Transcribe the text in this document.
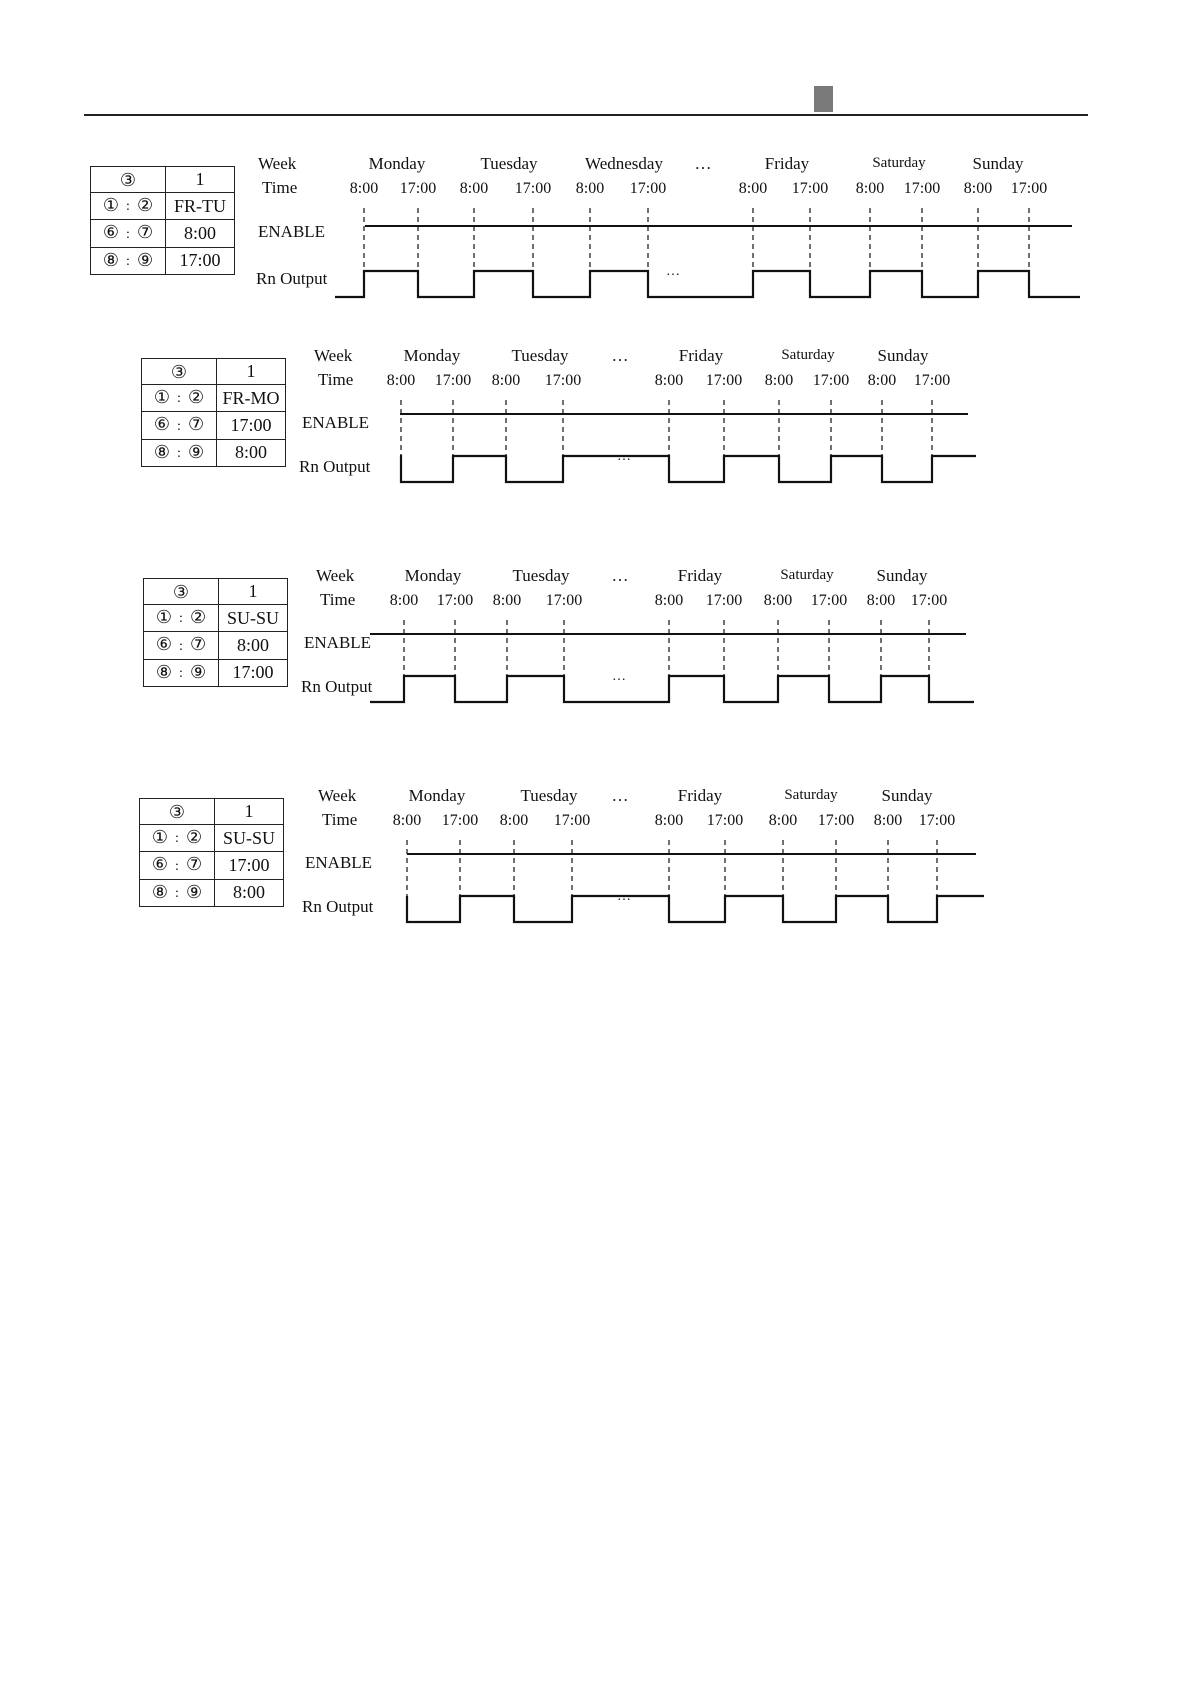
③	1
① : ②	FR-TU
⑥ : ⑦	8:00
⑧ : ⑨	17:00
Week
Time
ENABLE
Rn Output
Monday	Tuesday	Wednesday …	Friday	Saturday	Sunday
8:00 17:00 8:00 17:00 8:00 17:00	8:00 17:00 8:00 17:00 8:00 17:00
…
③	1
① : ②	FR-MO
⑥ : ⑦	17:00
⑧ : ⑨	8:00
Week
Time
ENABLE
Rn Output
Monday	Tuesday	…	Friday	Saturday	Sunday
8:00 17:00 8:00 17:00	8:00 17:00 8:00 17:00 8:00 17:00
…
③	1
① : ②	SU-SU
⑥ : ⑦	8:00
⑧ : ⑨	17:00
Week
Time
ENABLE
Rn Output
Monday	Tuesday …	Friday	Saturday	Sunday
8:00 17:00 8:00 17:00	8:00 17:00 8:00 17:00 8:00 17:00
…
③	1
① : ②	SU-SU
⑥ : ⑦	17:00
⑧ : ⑨	8:00
Week
Time
ENABLE
Rn Output
Monday	Tuesday …	Friday	Saturday	Sunday
8:00 17:00 8:00 17:00	8:00 17:00 8:00 17:00 8:00 17:00
…
